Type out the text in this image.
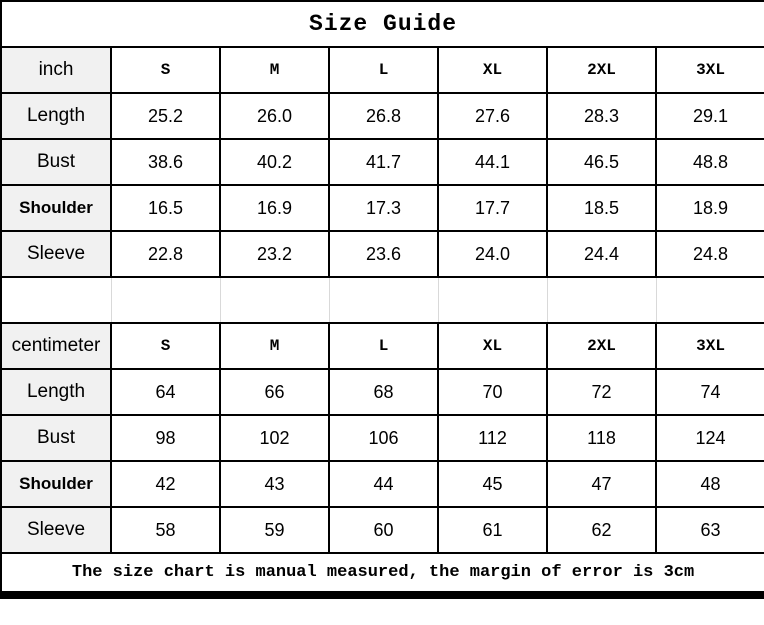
Size Guide						
inch	S	M	L	XL	2XL	3XL
Length	25.2	26.0	26.8	27.6	28.3	29.1
Bust	38.6	40.2	41.7	44.1	46.5	48.8
Shoulder	16.5	16.9	17.3	17.7	18.5	18.9
Sleeve	22.8	23.2	23.6	24.0	24.4	24.8

centimeter	S	M	L	XL	2XL	3XL
Length	64	66	68	70	72	74
Bust	98	102	106	112	118	124
Shoulder	42	43	44	45	47	48
Sleeve	58	59	60	61	62	63
The size chart is manual measured, the margin of error is 3cm						
